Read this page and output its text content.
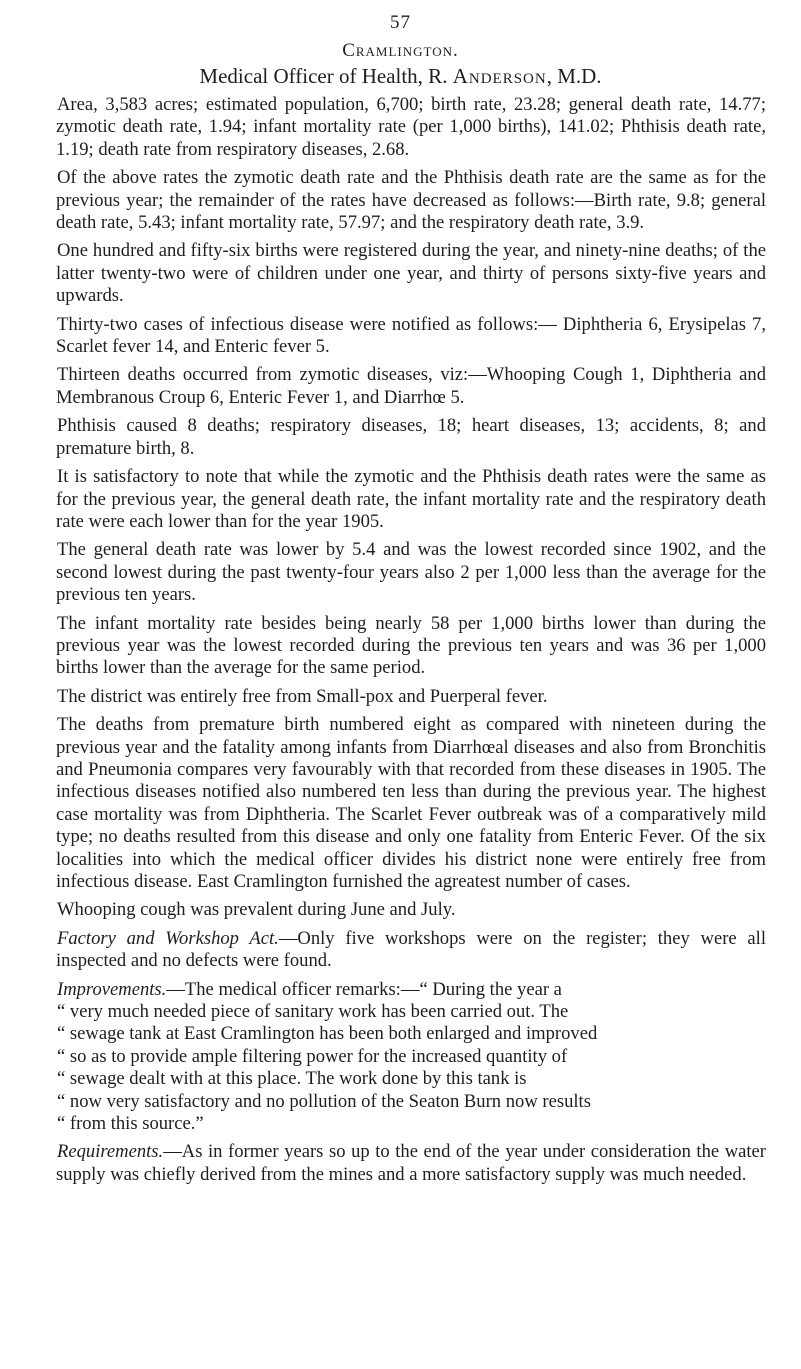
57
Cramlington.
Medical Officer of Health, R. Anderson, M.D.

Area, 3,583 acres; estimated population, 6,700; birth rate, 23.28; general death rate, 14.77; zymotic death rate, 1.94; infant mortality rate (per 1,000 births), 141.02; Phthisis death rate, 1.19; death rate from respiratory diseases, 2.68.

Of the above rates the zymotic death rate and the Phthisis death rate are the same as for the previous year; the remainder of the rates have decreased as follows:—Birth rate, 9.8; general death rate, 5.43; infant mortality rate, 57.97; and the respiratory death rate, 3.9.

One hundred and fifty-six births were registered during the year, and ninety-nine deaths; of the latter twenty-two were of children under one year, and thirty of persons sixty-five years and upwards.

Thirty-two cases of infectious disease were notified as follows:— Diphtheria 6, Erysipelas 7, Scarlet fever 14, and Enteric fever 5.

Thirteen deaths occurred from zymotic diseases, viz:—Whooping Cough 1, Diphtheria and Membranous Croup 6, Enteric Fever 1, and Diarrhœ 5.

Phthisis caused 8 deaths; respiratory diseases, 18; heart diseases, 13; accidents, 8; and premature birth, 8.

It is satisfactory to note that while the zymotic and the Phthisis death rates were the same as for the previous year, the general death rate, the infant mortality rate and the respiratory death rate were each lower than for the year 1905.

The general death rate was lower by 5.4 and was the lowest recorded since 1902, and the second lowest during the past twenty-four years also 2 per 1,000 less than the average for the previous ten years.

The infant mortality rate besides being nearly 58 per 1,000 births lower than during the previous year was the lowest recorded during the previous ten years and was 36 per 1,000 births lower than the average for the same period.

The district was entirely free from Small-pox and Puerperal fever.

The deaths from premature birth numbered eight as compared with nineteen during the previous year and the fatality among infants from Diarrhœal diseases and also from Bronchitis and Pneumonia compares very favourably with that recorded from these diseases in 1905. The infectious diseases notified also numbered ten less than during the previous year. The highest case mortality was from Diphtheria. The Scarlet Fever outbreak was of a comparatively mild type; no deaths resulted from this disease and only one fatality from Enteric Fever. Of the six localities into which the medical officer divides his district none were entirely free from infectious disease. East Cramlington furnished the agreatest number of cases.

Whooping cough was prevalent during June and July.

Factory and Workshop Act.—Only five workshops were on the register; they were all inspected and no defects were found.

Improvements.—The medical officer remarks:—“ During the year a
“ very much needed piece of sanitary work has been carried out. The
“ sewage tank at East Cramlington has been both enlarged and improved
“ so as to provide ample filtering power for the increased quantity of
“ sewage dealt with at this place. The work done by this tank is
“ now very satisfactory and no pollution of the Seaton Burn now results
“ from this source.”

Requirements.—As in former years so up to the end of the year under consideration the water supply was chiefly derived from the mines and a more satisfactory supply was much needed.
